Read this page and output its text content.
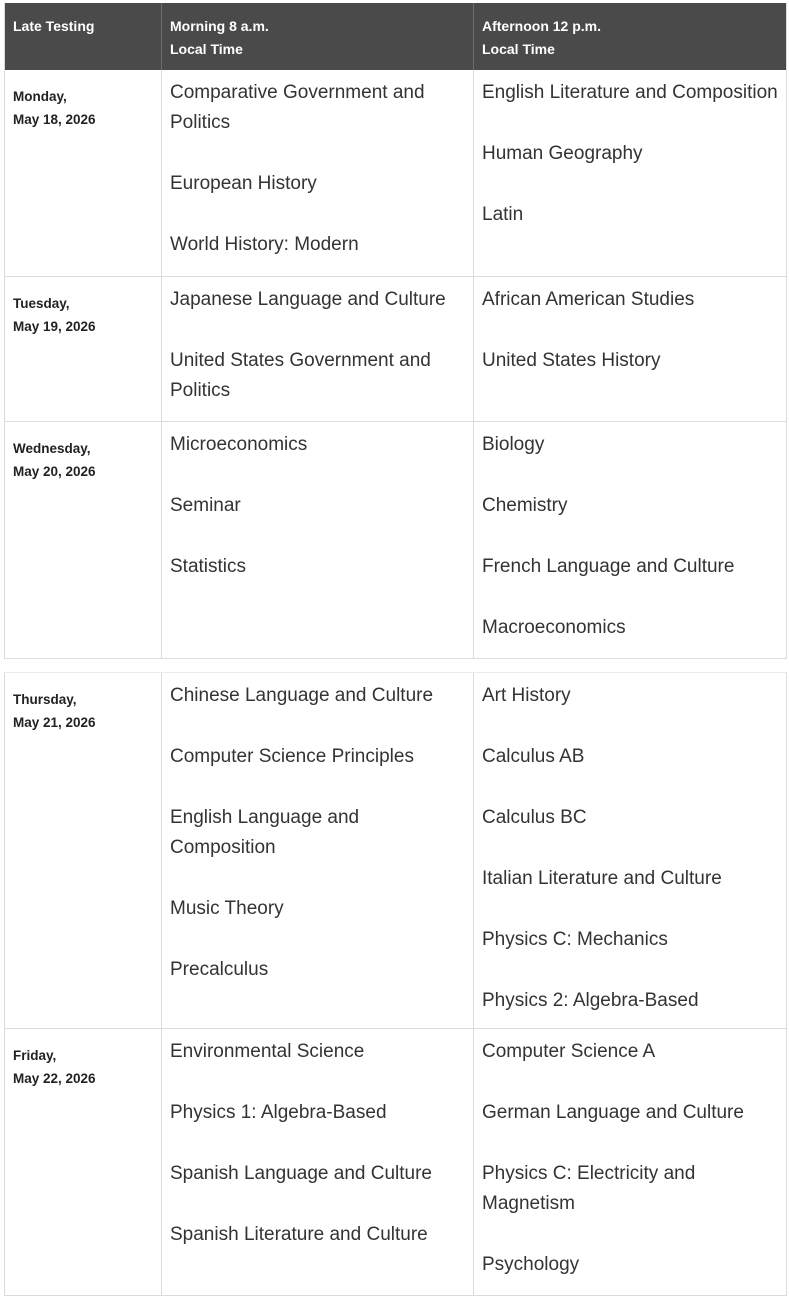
Late Testing	Morning 8 a.m.
Local Time
Afternoon 12 p.m.
Local Time
Monday,
May 18, 2026
Comparative Government and Politics
European History
World History: Modern
English Literature and Composition
Human Geography
Latin
Tuesday,
May 19, 2026
Japanese Language and Culture
United States Government and Politics
African American Studies
United States History
Wednesday,
May 20, 2026
Microeconomics
Seminar
Statistics
Biology
Chemistry
French Language and Culture
Macroeconomics
Thursday,
May 21, 2026
Chinese Language and Culture
Computer Science Principles
English Language and Composition
Music Theory
Precalculus
Art History
Calculus AB
Calculus BC
Italian Literature and Culture
Physics C: Mechanics
Physics 2: Algebra-Based
Friday,
May 22, 2026
Environmental Science
Physics 1: Algebra-Based
Spanish Language and Culture
Spanish Literature and Culture
Computer Science A
German Language and Culture
Physics C: Electricity and Magnetism
Psychology
